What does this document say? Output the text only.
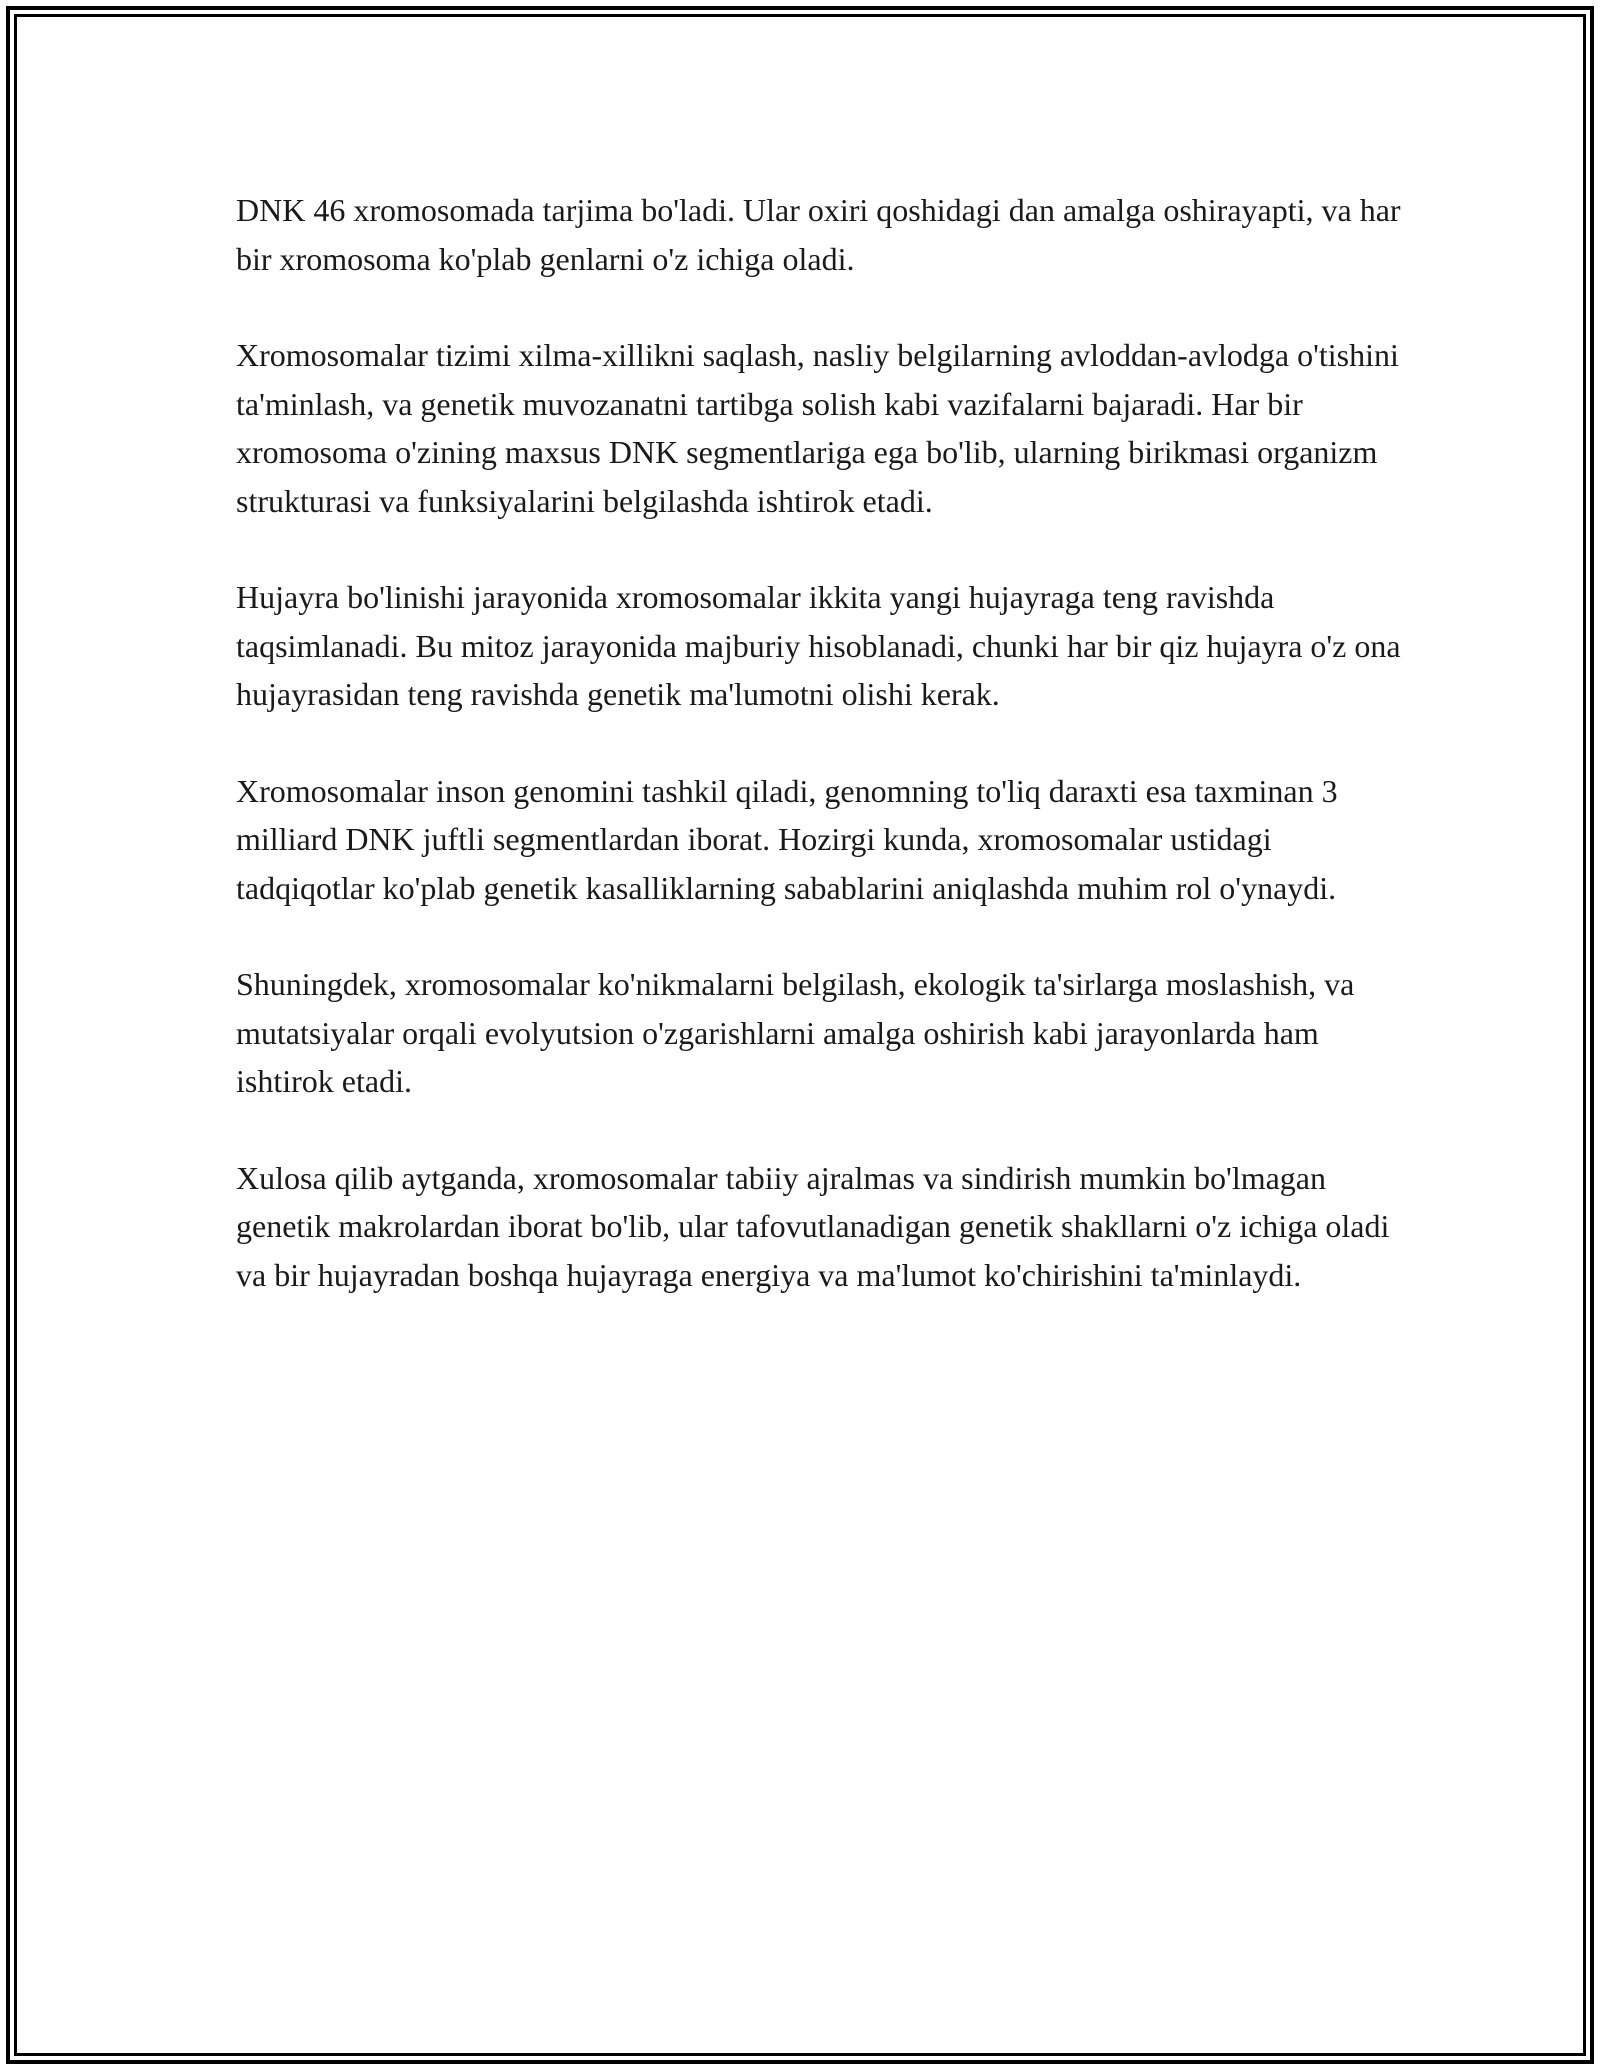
DNK 46 xromosomada tarjima bo'ladi. Ular oxiri qoshidagi dan amalga oshirayapti, va har bir xromosoma ko'plab genlarni o'z ichiga oladi.

Xromosomalar tizimi xilma-xillikni saqlash, nasliy belgilarning avloddan-avlodga o'tishini ta'minlash, va genetik muvozanatni tartibga solish kabi vazifalarni bajaradi. Har bir xromosoma o'zining maxsus DNK segmentlariga ega bo'lib, ularning birikmasi organizm strukturasi va funksiyalarini belgilashda ishtirok etadi.

Hujayra bo'linishi jarayonida xromosomalar ikkita yangi hujayraga teng ravishda taqsimlanadi. Bu mitoz jarayonida majburiy hisoblanadi, chunki har bir qiz hujayra o'z ona hujayrasidan teng ravishda genetik ma'lumotni olishi kerak.

Xromosomalar inson genomini tashkil qiladi, genomning to'liq daraxti esa taxminan 3 milliard DNK juftli segmentlardan iborat. Hozirgi kunda, xromosomalar ustidagi tadqiqotlar ko'plab genetik kasalliklarning sabablarini aniqlashda muhim rol o'ynaydi.

Shuningdek, xromosomalar ko'nikmalarni belgilash, ekologik ta'sirlarga moslashish, va mutatsiyalar orqali evolyutsion o'zgarishlarni amalga oshirish kabi jarayonlarda ham ishtirok etadi.

Xulosa qilib aytganda, xromosomalar tabiiy ajralmas va sindirish mumkin bo'lmagan genetik makrolardan iborat bo'lib, ular tafovutlanadigan genetik shakllarni o'z ichiga oladi va bir hujayradan boshqa hujayraga energiya va ma'lumot ko'chirishini ta'minlaydi.
